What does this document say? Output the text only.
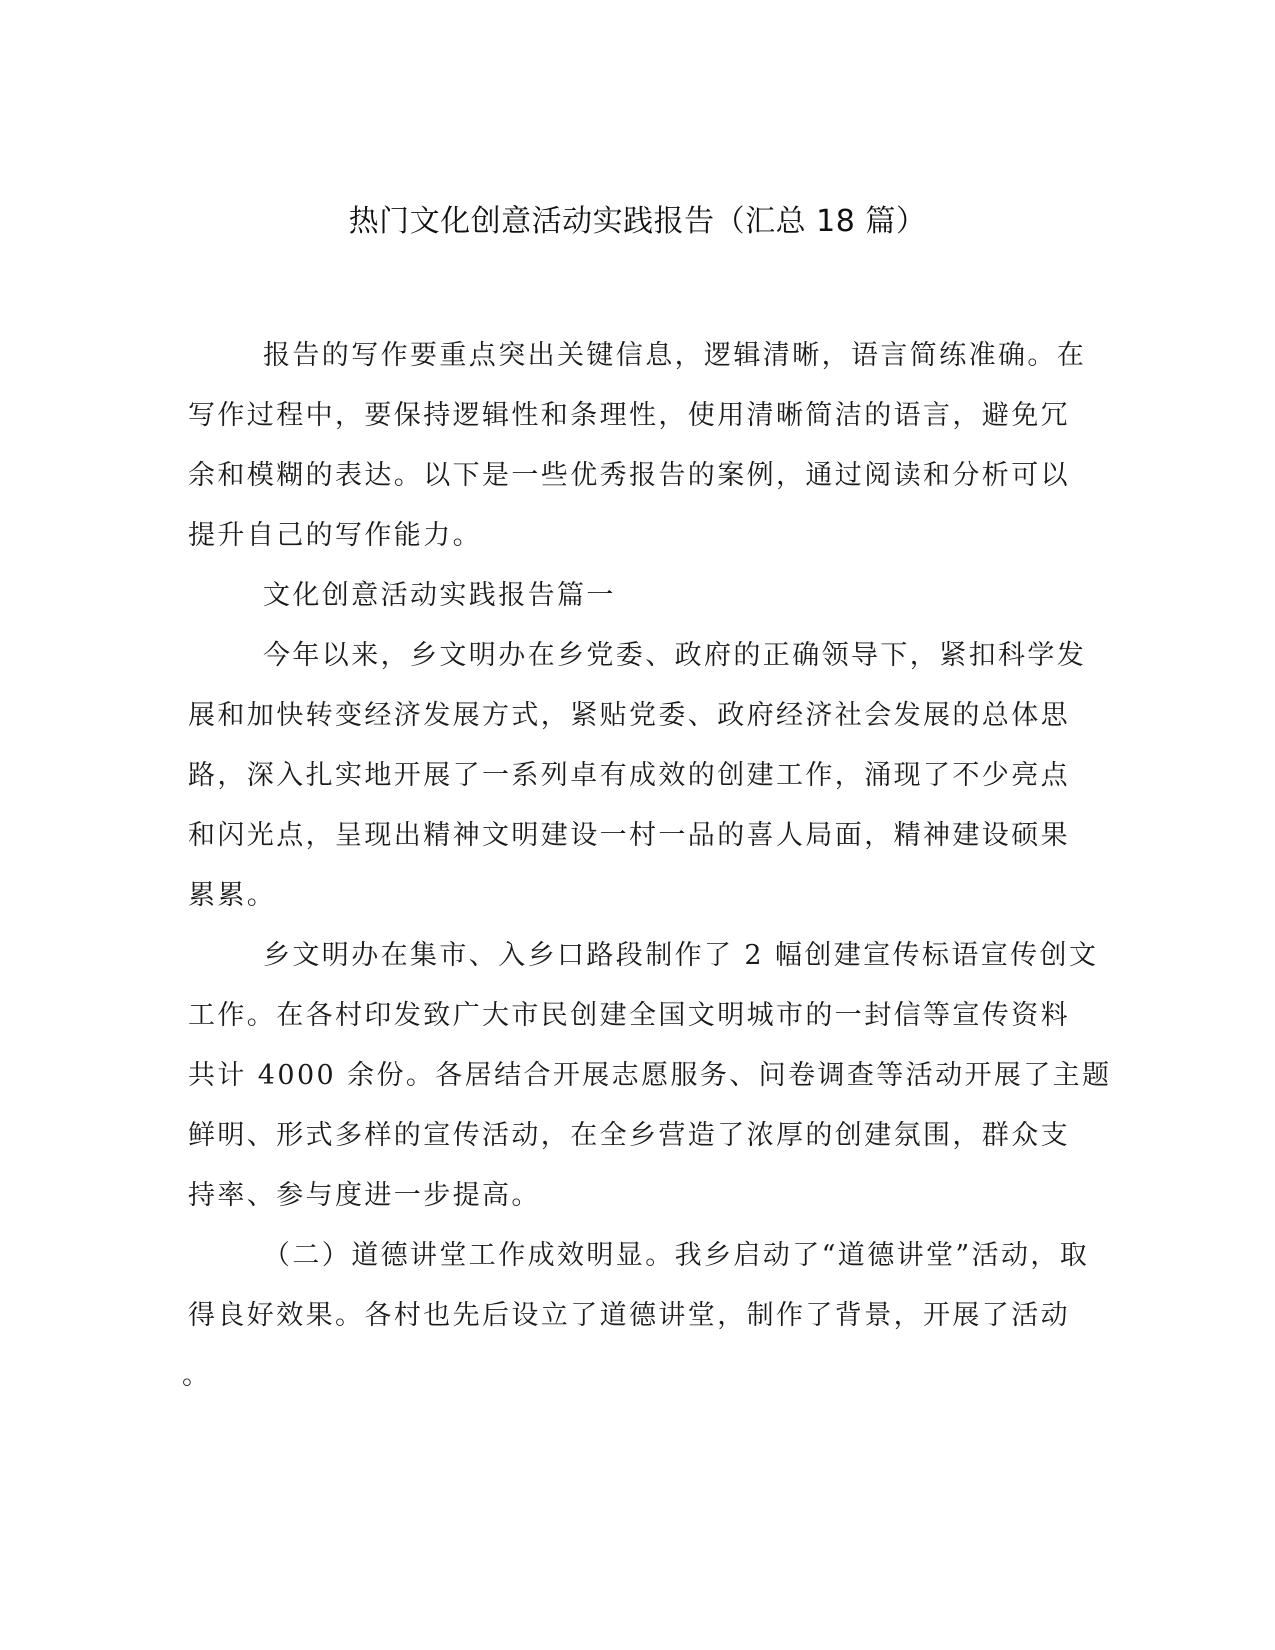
热门文化创意活动实践报告（汇总 18 篇）
报告的写作要重点突出关键信息，逻辑清晰，语言简练准确。在
写作过程中，要保持逻辑性和条理性，使用清晰简洁的语言，避免冗
余和模糊的表达。以下是一些优秀报告的案例，通过阅读和分析可以
提升自己的写作能力。
文化创意活动实践报告篇一
今年以来，乡文明办在乡党委、政府的正确领导下，紧扣科学发
展和加快转变经济发展方式，紧贴党委、政府经济社会发展的总体思
路，深入扎实地开展了一系列卓有成效的创建工作，涌现了不少亮点
和闪光点，呈现出精神文明建设一村一品的喜人局面，精神建设硕果
累累。
乡文明办在集市、入乡口路段制作了 2 幅创建宣传标语宣传创文
工作。在各村印发致广大市民创建全国文明城市的一封信等宣传资料
共计 4000 余份。各居结合开展志愿服务、问卷调查等活动开展了主题
鲜明、形式多样的宣传活动，在全乡营造了浓厚的创建氛围，群众支
持率、参与度进一步提高。
（二）道德讲堂工作成效明显。我乡启动了“道德讲堂”活动，取
得良好效果。各村也先后设立了道德讲堂，制作了背景，开展了活动
。
